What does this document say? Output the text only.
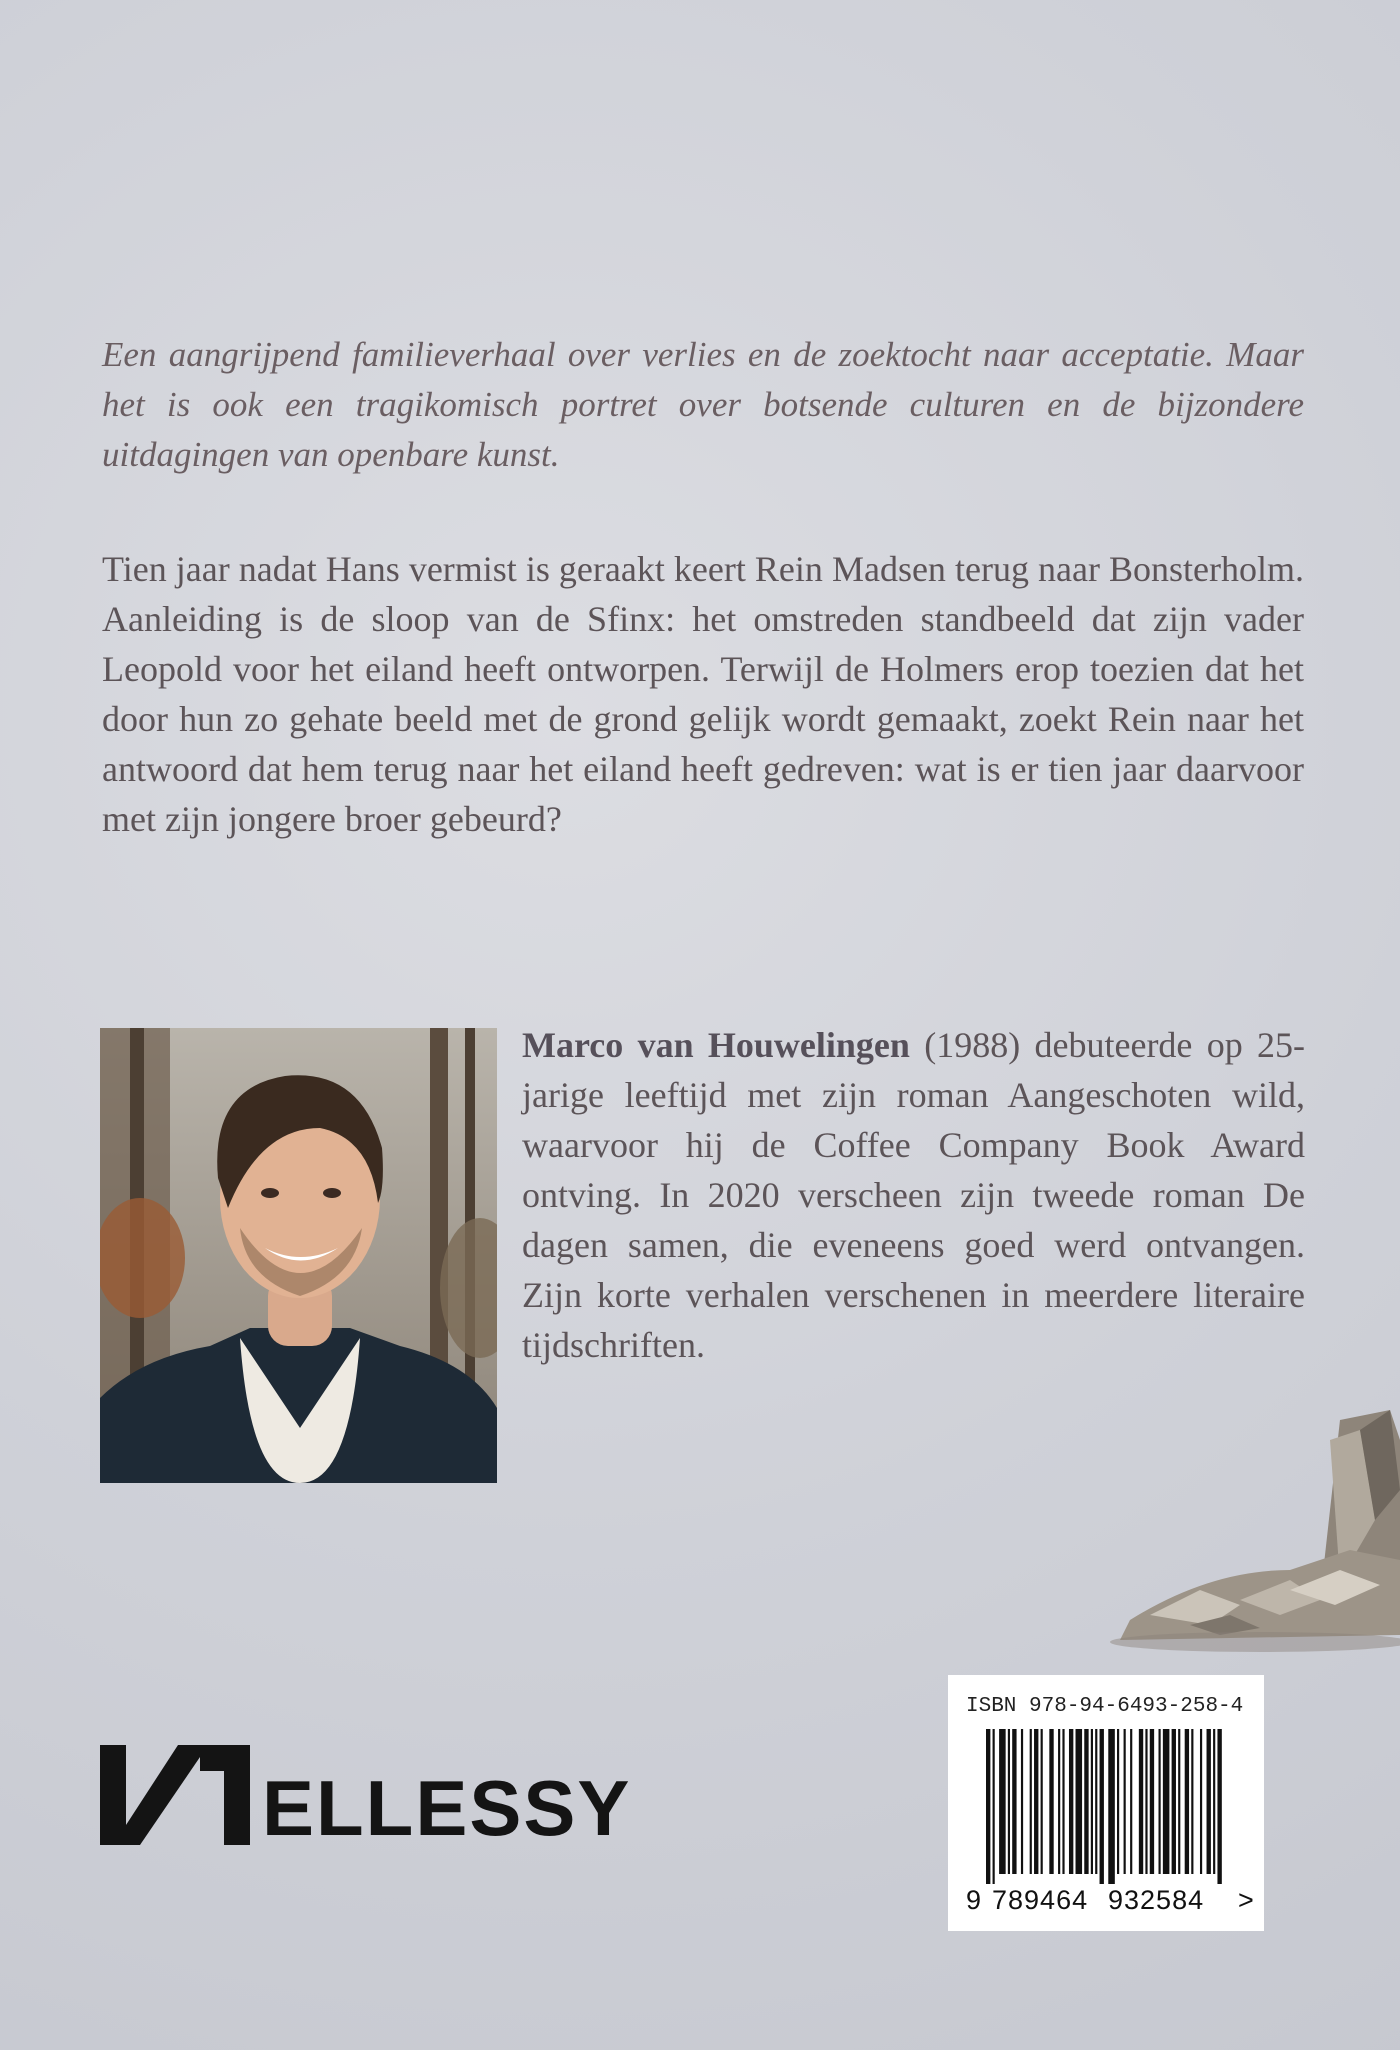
Een aangrijpend familieverhaal over verlies en de zoektocht naar acceptatie. Maar het is ook een tragikomisch portret over botsende culturen en de bijzondere uitdagingen van openbare kunst.

Tien jaar nadat Hans vermist is geraakt keert Rein Madsen terug naar Bonsterholm. Aanleiding is de sloop van de Sfinx: het omstreden standbeeld dat zijn vader Leopold voor het eiland heeft ontworpen. Terwijl de Holmers erop toezien dat het door hun zo gehate beeld met de grond gelijk wordt gemaakt, zoekt Rein naar het antwoord dat hem terug naar het eiland heeft gedreven: wat is er tien jaar daarvoor met zijn jongere broer gebeurd?

Marco van Houwelingen (1988) debuteerde op 25-jarige leeftijd met zijn roman Aangeschoten wild, waarvoor hij de Coffee Company Book Award ontving. In 2020 verscheen zijn tweede roman De dagen samen, die eveneens goed werd ontvangen. Zijn korte verhalen verschenen in meerdere literaire tijdschriften.

ELLESSY
ISBN 978-94-6493-258-4
9 789464 932584 >
